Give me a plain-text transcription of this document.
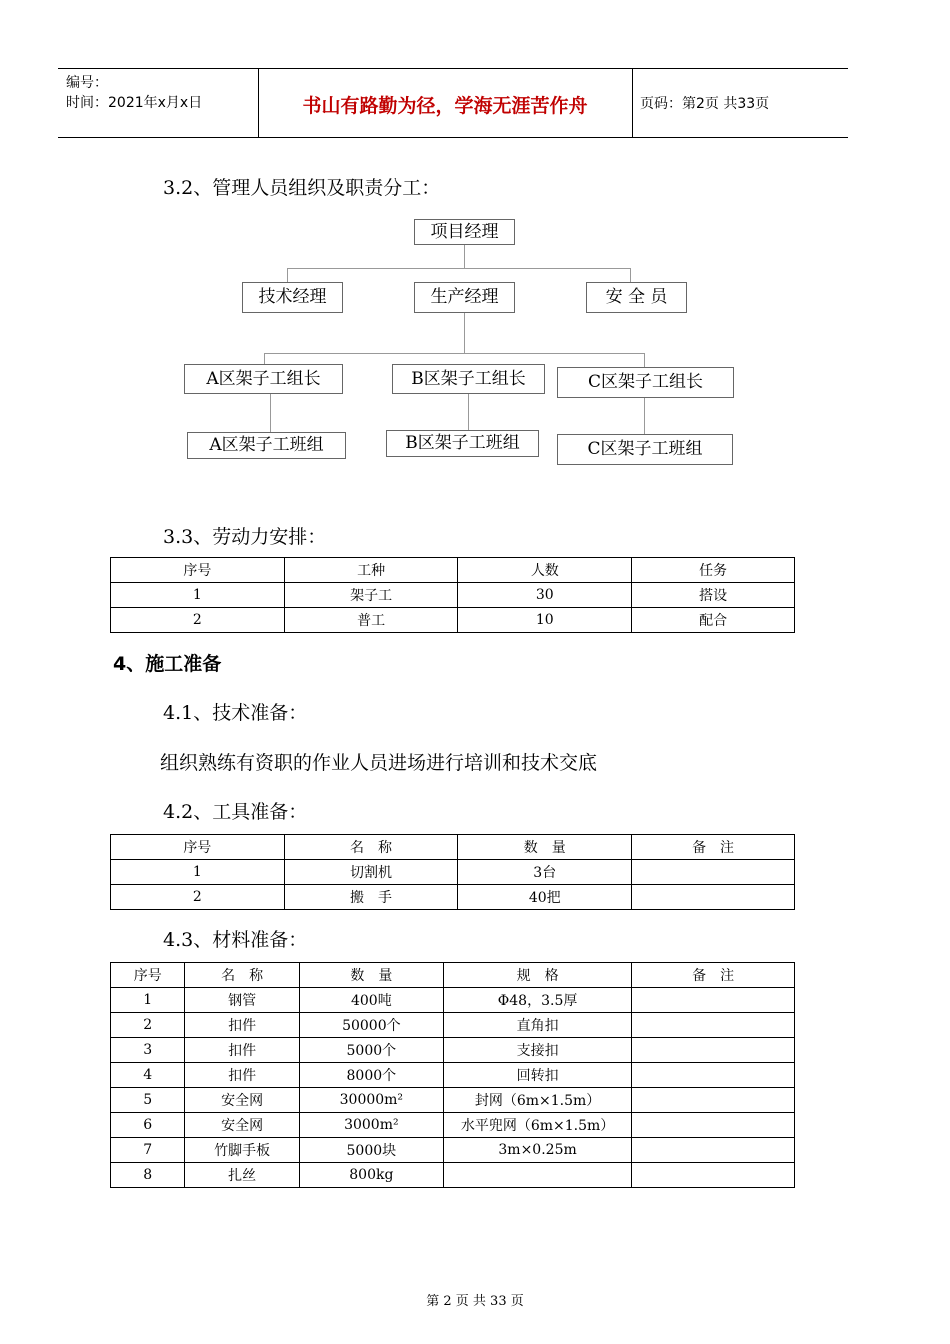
编号：
时间：2021年x月x日	书山有路勤为径，学海无涯苦作舟	页码：第2页 共33页
3.2、管理人员组织及职责分工：
项目经理
技术经理	生产经理	安 全 员
A区架子工组长	B区架子工组长	C区架子工组长
A区架子工班组	B区架子工班组	C区架子工班组
3.3、劳动力安排：
序号	工种	人数	任务
1	架子工	30	搭设
2	普工	10	配合
4、施工准备
4.1、技术准备：
组织熟练有资职的作业人员进场进行培训和技术交底
4.2、工具准备：
序号	名　称	数　量	备　注
1	切割机	3台	
2	搬　手	40把	
4.3、材料准备：
序号	名　称	数　量	规　格	备　注
1	钢管	400吨	Φ48，3.5厚	
2	扣件	50000个	直角扣	
3	扣件	5000个	支接扣	
4	扣件	8000个	回转扣	
5	安全网	30000m²	封网（6m×1.5m）	
6	安全网	3000m²	水平兜网（6m×1.5m）	
7	竹脚手板	5000块	3m×0.25m	
8	扎丝	800kg		
第 2 页 共 33 页
